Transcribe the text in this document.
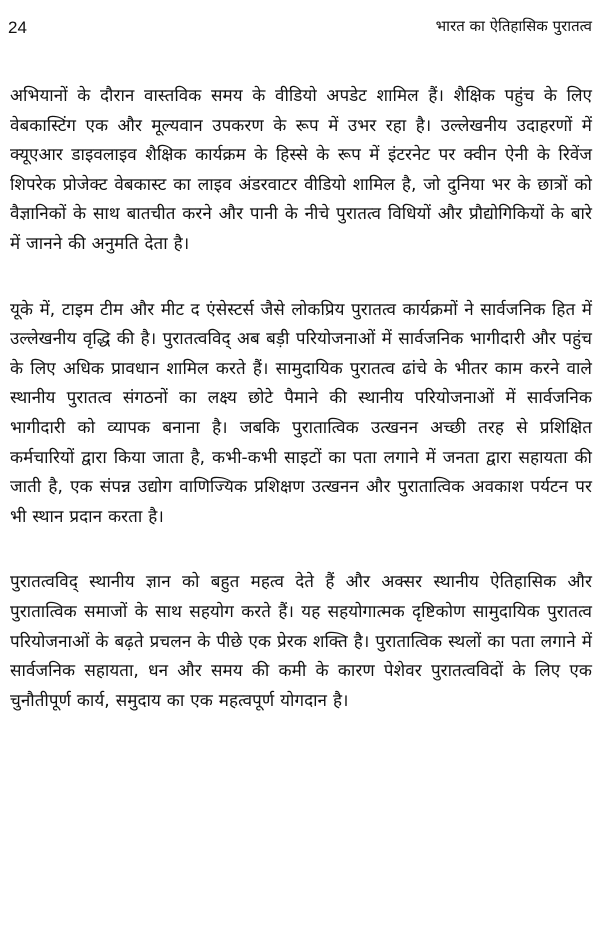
24	भारत का ऐतिहासिक पुरातत्व

अभियानों के दौरान वास्तविक समय के वीडियो अपडेट शामिल हैं। शैक्षिक पहुंच के लिए वेबकास्टिंग एक और मूल्यवान उपकरण के रूप में उभर रहा है। उल्लेखनीय उदाहरणों में क्यूएआर डाइवलाइव शैक्षिक कार्यक्रम के हिस्से के रूप में इंटरनेट पर क्वीन ऐनी के रिवेंज शिपरेक प्रोजेक्ट वेबकास्ट का लाइव अंडरवाटर वीडियो शामिल है, जो दुनिया भर के छात्रों को वैज्ञानिकों के साथ बातचीत करने और पानी के नीचे पुरातत्व विधियों और प्रौद्योगिकियों के बारे में जानने की अनुमति देता है।

यूके में, टाइम टीम और मीट द एंसेस्टर्स जैसे लोकप्रिय पुरातत्व कार्यक्रमों ने सार्वजनिक हित में उल्लेखनीय वृद्धि की है। पुरातत्वविद् अब बड़ी परियोजनाओं में सार्वजनिक भागीदारी और पहुंच के लिए अधिक प्रावधान शामिल करते हैं। सामुदायिक पुरातत्व ढांचे के भीतर काम करने वाले स्थानीय पुरातत्व संगठनों का लक्ष्य छोटे पैमाने की स्थानीय परियोजनाओं में सार्वजनिक भागीदारी को व्यापक बनाना है। जबकि पुरातात्विक उत्खनन अच्छी तरह से प्रशिक्षित कर्मचारियों द्वारा किया जाता है, कभी-कभी साइटों का पता लगाने में जनता द्वारा सहायता की जाती है, एक संपन्न उद्योग वाणिज्यिक प्रशिक्षण उत्खनन और पुरातात्विक अवकाश पर्यटन पर भी स्थान प्रदान करता है।

पुरातत्वविद् स्थानीय ज्ञान को बहुत महत्व देते हैं और अक्सर स्थानीय ऐतिहासिक और पुरातात्विक समाजों के साथ सहयोग करते हैं। यह सहयोगात्मक दृष्टिकोण सामुदायिक पुरातत्व परियोजनाओं के बढ़ते प्रचलन के पीछे एक प्रेरक शक्ति है। पुरातात्विक स्थलों का पता लगाने में सार्वजनिक सहायता, धन और समय की कमी के कारण पेशेवर पुरातत्वविदों के लिए एक चुनौतीपूर्ण कार्य, समुदाय का एक महत्वपूर्ण योगदान है।
